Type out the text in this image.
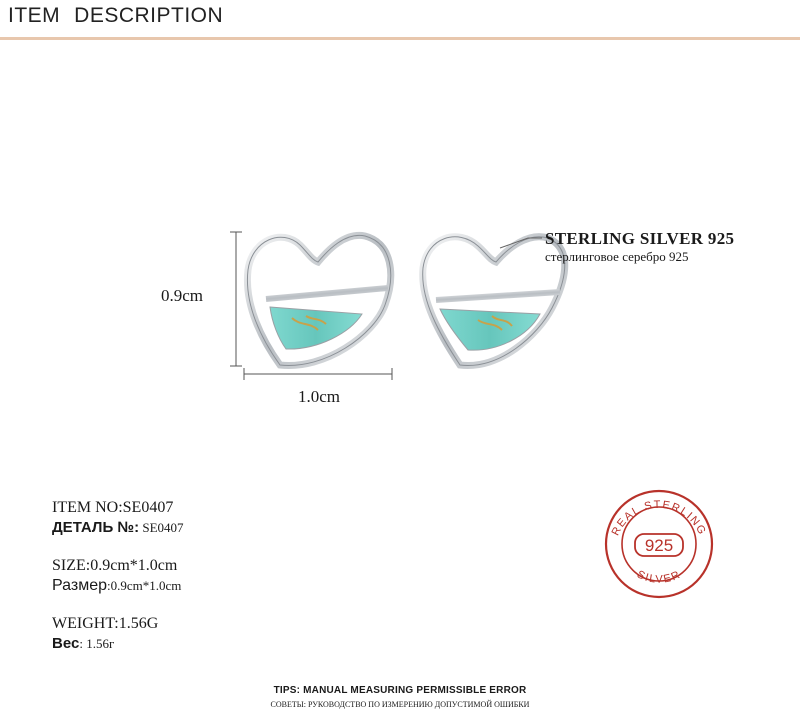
ITEM DESCRIPTION
925
REAL STERLING
SILVER
STERLING SILVER 925
стерлинговое серебро 925
0.9cm
1.0cm
ITEM NO:SE0407
ДЕТАЛЬ №: SE0407
SIZE:0.9cm*1.0cm
Размер:0.9cm*1.0cm
WEIGHT:1.56G
Вес: 1.56г
TIPS: MANUAL MEASURING PERMISSIBLE ERROR
СОВЕТЫ: РУКОВОДСТВО ПО ИЗМЕРЕНИЮ ДОПУСТИМОЙ ОШИБКИ
